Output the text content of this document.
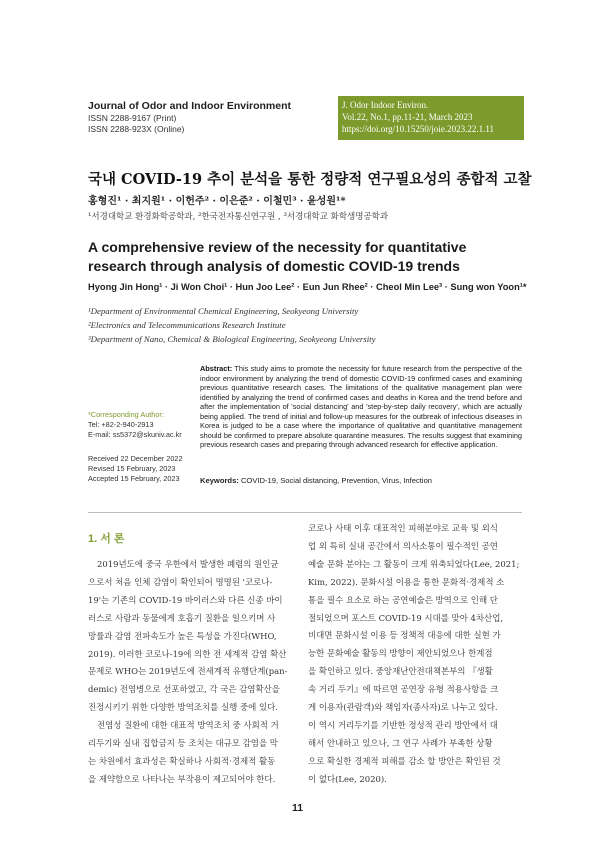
Journal of Odor and Indoor Environment
ISSN 2288-9167 (Print)
ISSN 2288-923X (Online)
J. Odor Indoor Environ.
Vol.22, No.1, pp.11-21, March 2023
https://doi.org/10.15250/joie.2023.22.1.11
국내 COVID-19 추이 분석을 통한 정량적 연구필요성의 종합적 고찰
홍형진¹ · 최지원¹ · 이헌주² · 이은준² · 이철민³ · 윤성원¹*
¹서경대학교 환경화학공학과, ²한국전자통신연구원 , ³서경대학교 화학생명공학과
A comprehensive review of the necessity for quantitative research through analysis of domestic COVID-19 trends
Hyong Jin Hong¹ · Ji Won Choi¹ · Hun Joo Lee² · Eun Jun Rhee² · Cheol Min Lee³ · Sung won Yoon¹*
¹Department of Environmental Chemical Engineering, Seokyeong University
²Electronics and Telecommunications Research Institute
³Department of Nano, Chemical & Biological Engineering, Seokyeong University
*Corresponding Author:
Tel: +82-2-940-2913
E-mail: ss5372@skuniv.ac.kr
Received 22 December 2022
Revised 15 February, 2023
Accepted 15 February, 2023
Abstract: This study aims to promote the necessity for future research from the perspective of the indoor environment by analyzing the trend of domestic COVID-19 confirmed cases and examining previous quantitative research cases. The limitations of the qualitative management plan were identified by analyzing the trend of confirmed cases and deaths in Korea and the trend before and after the implementation of 'social distancing' and 'step-by-step daily recovery', which are actually being applied. The trend of initial and follow-up measures for the outbreak of infectious diseases in Korea is judged to be a case where the importance of qualitative and quantitative management should be confirmed to prepare absolute quarantine measures. The results suggest that examining previous research cases and preparing through advanced research for effective application.
Keywords: COVID-19, Social distancing, Prevention, Virus, Infection
1. 서 론
2019년도에 중국 우한에서 발생한 폐렴의 원인균
으로서 처음 인체 감염이 확인되어 명명된 '코로나-
19'는 기존의 COVID-19 바이러스와 다른 신종 바이
러스로 사람과 동물에게 호흡기 질환을 일으키며 사
망률과 감염 전파속도가 높은 특성을 가진다(WHO,
2019). 이러한 코로나-19에 의한 전 세계적 감염 확산
문제로 WHO는 2019년도에 전세계적 유행단계(pan-
demic) 전염병으로 선포하였고, 각 국은 감염확산을
진정시키기 위한 다양한 방역조치를 실행 중에 있다.
전염성 질환에 대한 대표적 방역조치 중 사회적 거
리두기와 실내 집합금지 등 조치는 대규모 감염을 막
는 차원에서 효과성은 확실하나 사회적·경제적 활동
을 제약함으로 나타나는 부작용이 제고되어야 한다.
코로나 사태 이후 대표적인 피해분야로 교육 및 외식
업 외 특히 실내 공간에서 의사소통이 필수적인 공연
예술 문화 분야는 그 활동이 크게 위축되었다(Lee, 2021;
Kim, 2022). 문화시설 이용을 통한 문화적·경제적 소
통을 필수 요소로 하는 공연예술은 방역으로 인해 단
절되었으며 포스트 COVID-19 시대를 맞아 4차산업,
비대면 문화시설 이용 등 정책적 대응에 대한 실현 가
능한 문화예술 활동의 방향이 제안되었으나 한계점
을 확인하고 있다. 중앙재난안전대책본부의 『생활
속 거리 두기』에 따르면 공연장 유형 적용사항을 크
게 이용자(관람객)와 책임자(종사자)로 나누고 있다.
이 역시 거리두기를 기반한 정성적 관리 방안에서 대
해서 안내하고 있으나, 그 연구 사례가 부족한 상황
으로 확실한 경제적 피해를 감소 할 방안은 확인된 것
이 없다(Lee, 2020).
11
